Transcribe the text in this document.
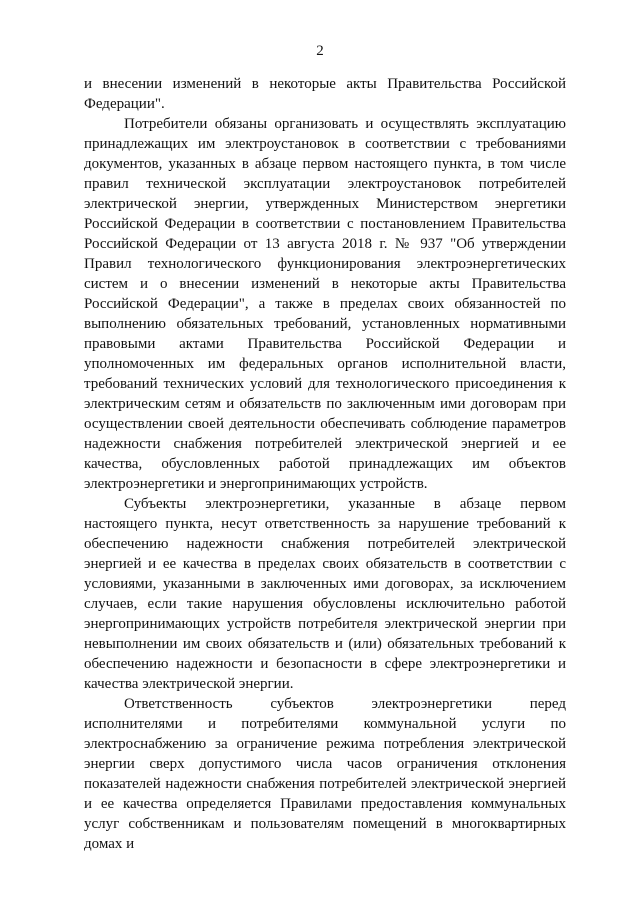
2

и внесении изменений в некоторые акты Правительства Российской Федерации".

Потребители обязаны организовать и осуществлять эксплуатацию принадлежащих им электроустановок в соответствии с требованиями документов, указанных в абзаце первом настоящего пункта, в том числе правил технической эксплуатации электроустановок потребителей электрической энергии, утвержденных Министерством энергетики Российской Федерации в соответствии с постановлением Правительства Российской Федерации от 13 августа 2018 г. № 937 "Об утверждении Правил технологического функционирования электроэнергетических систем и о внесении изменений в некоторые акты Правительства Российской Федерации", а также в пределах своих обязанностей по выполнению обязательных требований, установленных нормативными правовыми актами Правительства Российской Федерации и уполномоченных им федеральных органов исполнительной власти, требований технических условий для технологического присоединения к электрическим сетям и обязательств по заключенным ими договорам при осуществлении своей деятельности обеспечивать соблюдение параметров надежности снабжения потребителей электрической энергией и ее качества, обусловленных работой принадлежащих им объектов электроэнергетики и энергопринимающих устройств.

Субъекты электроэнергетики, указанные в абзаце первом настоящего пункта, несут ответственность за нарушение требований к обеспечению надежности снабжения потребителей электрической энергией и ее качества в пределах своих обязательств в соответствии с условиями, указанными в заключенных ими договорах, за исключением случаев, если такие нарушения обусловлены исключительно работой энергопринимающих устройств потребителя электрической энергии при невыполнении им своих обязательств и (или) обязательных требований к обеспечению надежности и безопасности в сфере электроэнергетики и качества электрической энергии.

Ответственность субъектов электроэнергетики перед исполнителями и потребителями коммунальной услуги по электроснабжению за ограничение режима потребления электрической энергии сверх допустимого числа часов ограничения отклонения показателей надежности снабжения потребителей электрической энергией и ее качества определяется Правилами предоставления коммунальных услуг собственникам и пользователям помещений в многоквартирных домах и
